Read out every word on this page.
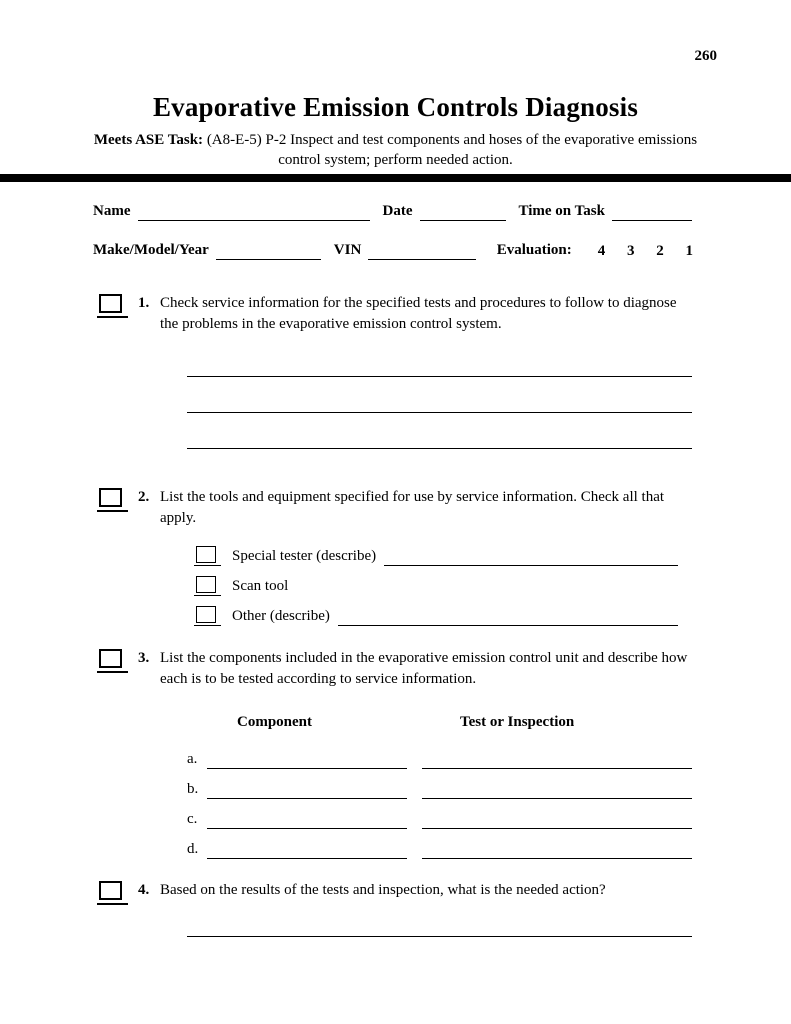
260
Evaporative Emission Controls Diagnosis
Meets ASE Task: (A8-E-5) P-2 Inspect and test components and hoses of the evaporative emissions control system; perform needed action.
Name	Date	Time on Task
Make/Model/Year	VIN	Evaluation:	4 3 2 1
1. Check service information for the specified tests and procedures to follow to diagnose the problems in the evaporative emission control system.

2. List the tools and equipment specified for use by service information. Check all that apply.

Special tester (describe)
Scan tool
Other (describe)
3. List the components included in the evaporative emission control unit and describe how each is to be tested according to service information.

Component	Test or Inspection
a.
b.
c.
d.
4. Based on the results of the tests and inspection, what is the needed action?
